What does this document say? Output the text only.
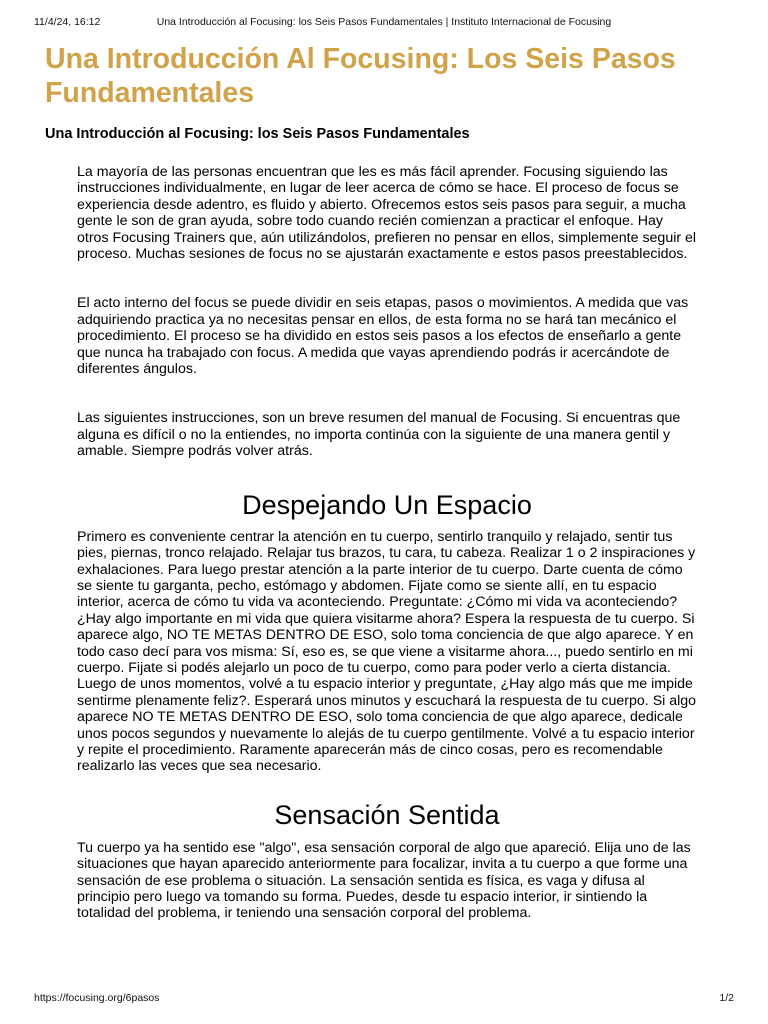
11/4/24, 16:12	Una Introducción al Focusing: los Seis Pasos Fundamentales | Instituto Internacional de Focusing
Una Introducción Al Focusing: Los Seis Pasos Fundamentales
Una Introducción al Focusing: los Seis Pasos Fundamentales

La mayoría de las personas encuentran que les es más fácil aprender. Focusing siguiendo las instrucciones individualmente, en lugar de leer acerca de cómo se hace. El proceso de focus se experiencia desde adentro, es fluido y abierto. Ofrecemos estos seis pasos para seguir, a mucha gente le son de gran ayuda, sobre todo cuando recién comienzan a practicar el enfoque. Hay otros Focusing Trainers que, aún utilizándolos, prefieren no pensar en ellos, simplemente seguir el proceso. Muchas sesiones de focus no se ajustarán exactamente e estos pasos preestablecidos.

El acto interno del focus se puede dividir en seis etapas, pasos o movimientos. A medida que vas adquiriendo practica ya no necesitas pensar en ellos, de esta forma no se hará tan mecánico el procedimiento. El proceso se ha dividido en estos seis pasos a los efectos de enseñarlo a gente que nunca ha trabajado con focus. A medida que vayas aprendiendo podrás ir acercándote de diferentes ángulos.

Las siguientes instrucciones, son un breve resumen del manual de Focusing. Si encuentras que alguna es difícil o no la entiendes, no importa continúa con la siguiente de una manera gentil y amable. Siempre podrás volver atrás.

Despejando Un Espacio

Primero es conveniente centrar la atención en tu cuerpo, sentirlo tranquilo y relajado, sentir tus pies, piernas, tronco relajado. Relajar tus brazos, tu cara, tu cabeza. Realizar 1 o 2 inspiraciones y exhalaciones. Para luego prestar atención a la parte interior de tu cuerpo. Darte cuenta de cómo se siente tu garganta, pecho, estómago y abdomen. Fijate como se siente allí, en tu espacio interior, acerca de cómo tu vida va aconteciendo. Preguntate: ¿Cómo mi vida va aconteciendo? ¿Hay algo importante en mi vida que quiera visitarme ahora? Espera la respuesta de tu cuerpo. Si aparece algo, NO TE METAS DENTRO DE ESO, solo toma conciencia de que algo aparece. Y en todo caso decí para vos misma: Sí, eso es, se que viene a visitarme ahora..., puedo sentirlo en mi cuerpo. Fijate si podés alejarlo un poco de tu cuerpo, como para poder verlo a cierta distancia. Luego de unos momentos, volvé a tu espacio interior y preguntate, ¿Hay algo más que me impide sentirme plenamente feliz?. Esperará unos minutos y escuchará la respuesta de tu cuerpo. Si algo aparece NO TE METAS DENTRO DE ESO, solo toma conciencia de que algo aparece, dedicale unos pocos segundos y nuevamente lo alejás de tu cuerpo gentilmente. Volvé a tu espacio interior y repite el procedimiento. Raramente aparecerán más de cinco cosas, pero es recomendable realizarlo las veces que sea necesario.

Sensación Sentida

Tu cuerpo ya ha sentido ese "algo", esa sensación corporal de algo que apareció. Elija uno de las situaciones que hayan aparecido anteriormente para focalizar, invita a tu cuerpo a que forme una sensación de ese problema o situación. La sensación sentida es física, es vaga y difusa al principio pero luego va tomando su forma. Puedes, desde tu espacio interior, ir sintiendo la totalidad del problema, ir teniendo una sensación corporal del problema.

https://focusing.org/6pasos	1/2
